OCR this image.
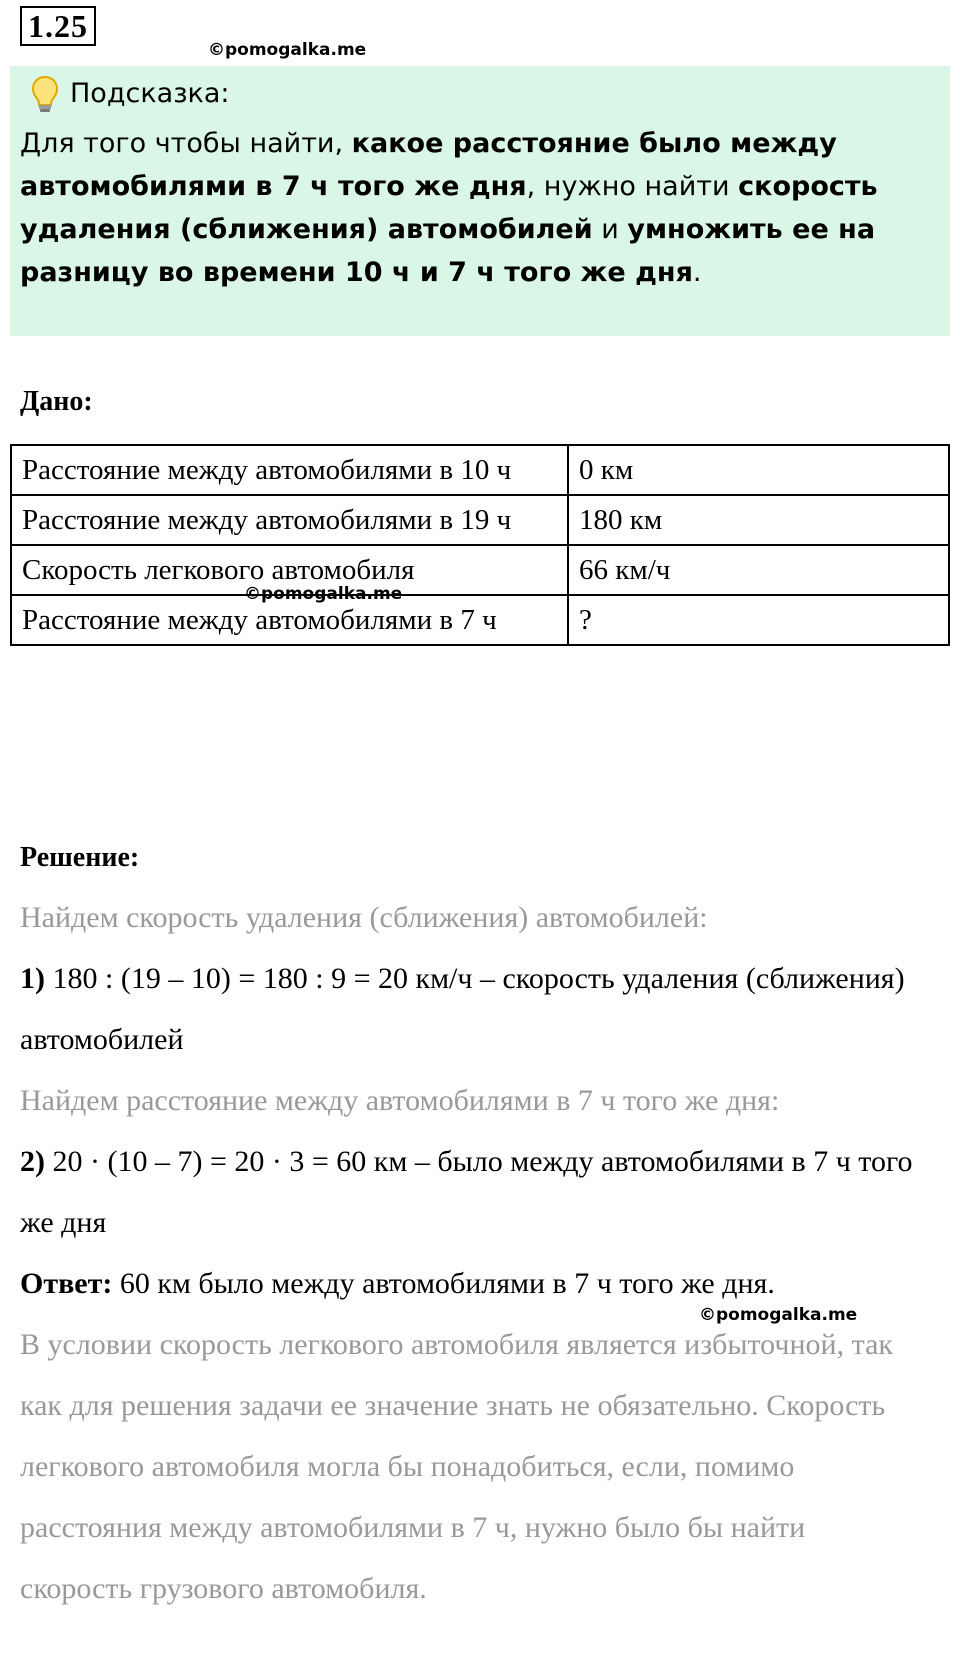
1.25
©pomogalka.me
Подсказка:
Для того чтобы найти, какое расстояние было между автомобилями в 7 ч того же дня, нужно найти скорость удаления (сближения) автомобилей и умножить ее на разницу во времени 10 ч и 7 ч того же дня.
Дано:
Расстояние между автомобилями в 10 ч	0 км
Расстояние между автомобилями в 19 ч	180 км
Скорость легкового автомобиля	66 км/ч
Расстояние между автомобилями в 7 ч	?
©pomogalka.me
Решение:
Найдем скорость удаления (сближения) автомобилей:
1) 180 : (19 – 10) = 180 : 9 = 20 км/ч – скорость удаления (сближения) автомобилей
Найдем расстояние между автомобилями в 7 ч того же дня:
2) 20 · (10 – 7) = 20 · 3 = 60 км – было между автомобилями в 7 ч того же дня
Ответ: 60 км было между автомобилями в 7 ч того же дня.
©pomogalka.me
В условии скорость легкового автомобиля является избыточной, так как для решения задачи ее значение знать не обязательно. Скорость легкового автомобиля могла бы понадобиться, если, помимо расстояния между автомобилями в 7 ч, нужно было бы найти скорость грузового автомобиля.
